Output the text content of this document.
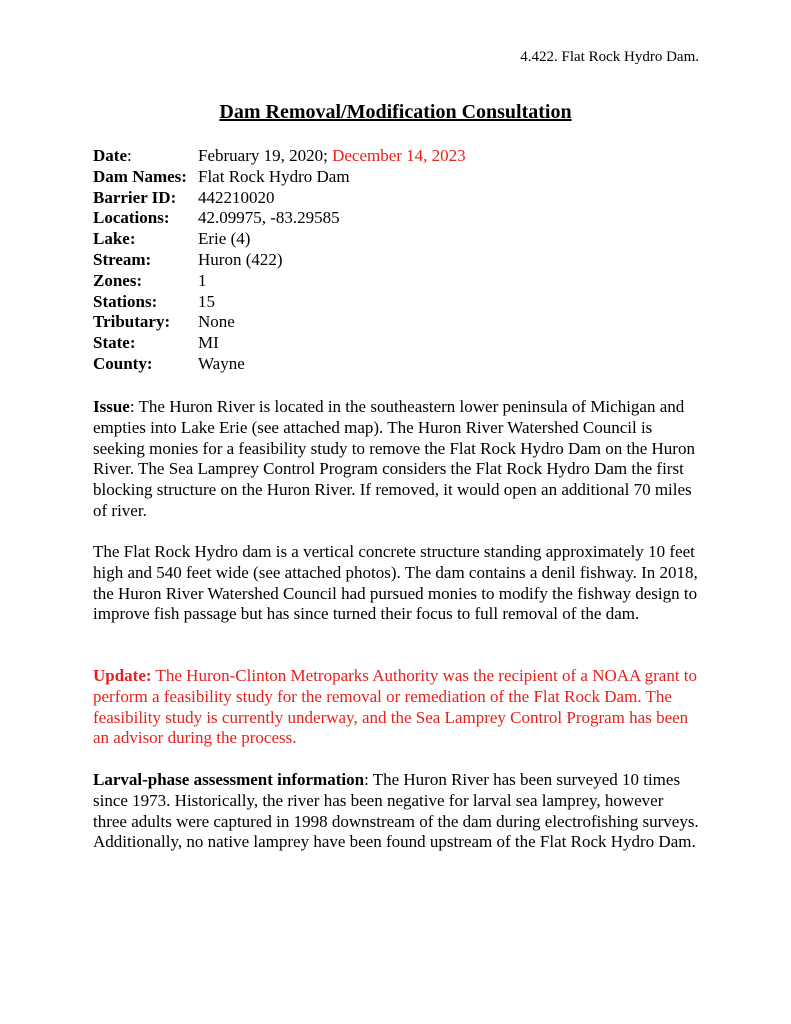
4.422. Flat Rock Hydro Dam.
Dam Removal/Modification Consultation
Date:	February 19, 2020; December 14, 2023
Dam Names: Flat Rock Hydro Dam
Barrier ID:	442210020
Locations:	42.09975, -83.29585
Lake:	Erie (4)
Stream:	Huron (422)
Zones:	1
Stations:	15
Tributary:	None
State:	MI
County:	Wayne

Issue: The Huron River is located in the southeastern lower peninsula of Michigan and empties into Lake Erie (see attached map). The Huron River Watershed Council is seeking monies for a feasibility study to remove the Flat Rock Hydro Dam on the Huron River. The Sea Lamprey Control Program considers the Flat Rock Hydro Dam the first blocking structure on the Huron River. If removed, it would open an additional 70 miles of river.

The Flat Rock Hydro dam is a vertical concrete structure standing approximately 10 feet high and 540 feet wide (see attached photos). The dam contains a denil fishway. In 2018, the Huron River Watershed Council had pursued monies to modify the fishway design to improve fish passage but has since turned their focus to full removal of the dam.

Update: The Huron-Clinton Metroparks Authority was the recipient of a NOAA grant to perform a feasibility study for the removal or remediation of the Flat Rock Dam. The feasibility study is currently underway, and the Sea Lamprey Control Program has been an advisor during the process.

Larval-phase assessment information: The Huron River has been surveyed 10 times since 1973. Historically, the river has been negative for larval sea lamprey, however three adults were captured in 1998 downstream of the dam during electrofishing surveys. Additionally, no native lamprey have been found upstream of the Flat Rock Hydro Dam.
